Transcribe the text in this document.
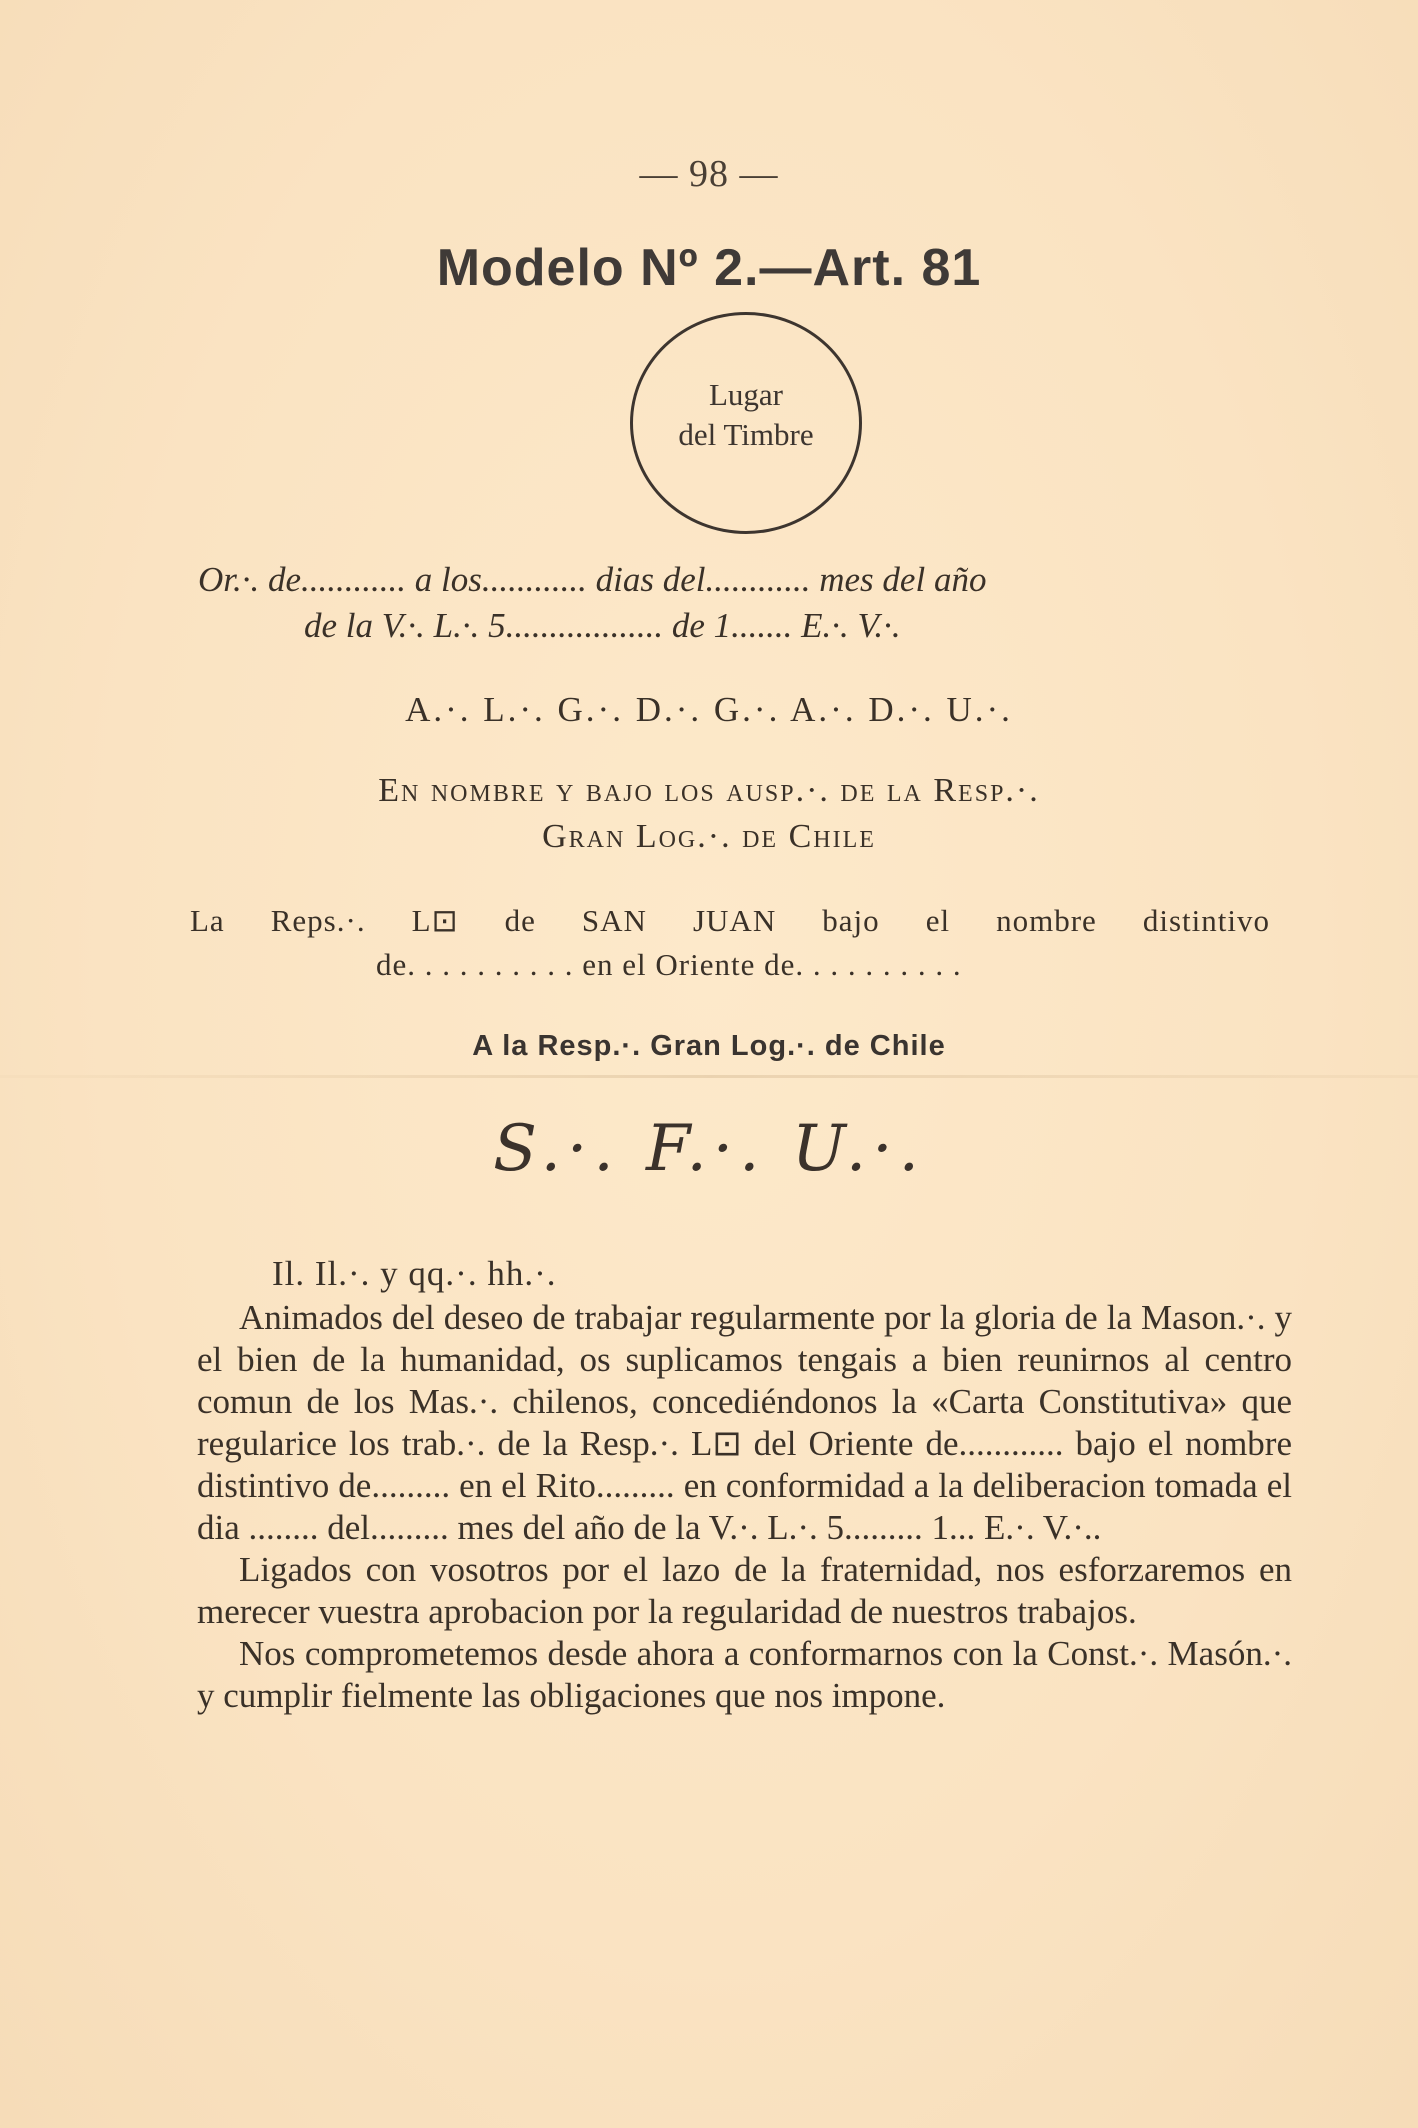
— 98 —
Modelo Nº 2.—Art. 81
Lugar
del Timbre
Or.·. de............ a los............ dias del............ mes del año
de la V.·. L.·. 5.................. de 1....... E.·. V.·.
A.·. L.·. G.·. D.·. G.·. A.·. D.·. U.·.
En nombre y bajo los ausp.·. de la Resp.·.
Gran Log.·. de Chile
La Reps.·. L⊡ de SAN JUAN bajo el nombre distintivo
de. . . . . . . . . . en el Oriente de. . . . . . . . . .
A la Resp.·. Gran Log.·. de Chile
S.·. F.·. U.·.

Il. Il.·. y qq.·. hh.·.

Animados del deseo de trabajar regularmente por la gloria de la Mason.·. y el bien de la humanidad, os suplicamos tengais a bien reunirnos al centro comun de los Mas.·. chilenos, concediéndonos la «Carta Constitutiva» que regularice los trab.·. de la Resp.·. L⊡ del Oriente de............ bajo el nombre distintivo de......... en el Rito......... en conformidad a la deliberacion tomada el dia ........ del......... mes del año de la V.·. L.·. 5......... 1... E.·. V.·..

Ligados con vosotros por el lazo de la fraternidad, nos esforzaremos en merecer vuestra aprobacion por la regularidad de nuestros trabajos.

Nos comprometemos desde ahora a conformarnos con la Const.·. Masón.·. y cumplir fielmente las obligaciones que nos impone.
